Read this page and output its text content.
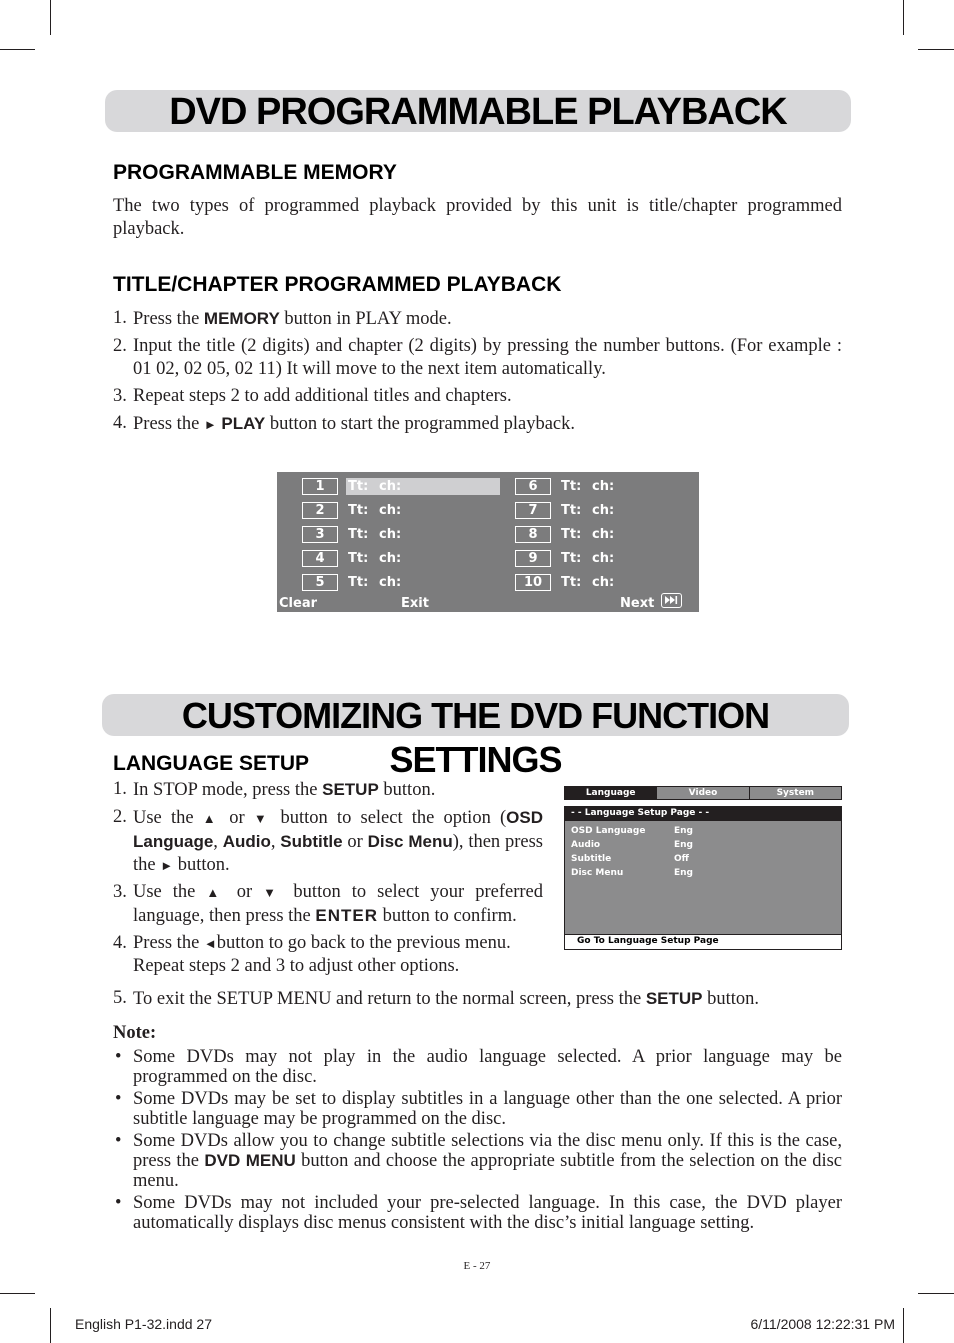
DVD PROGRAMMABLE PLAYBACK
PROGRAMMABLE MEMORY
The two types of programmed playback provided by this unit is title/chapter programmed playback.
TITLE/CHAPTER PROGRAMMED PLAYBACK
1. Press the MEMORY button in PLAY mode.
2. Input the title (2 digits) and chapter (2 digits) by pressing the number buttons. (For example : 01 02, 02 05, 02 11) It will move to the next item automatically.
3. Repeat steps 2 to add additional titles and chapters.
4. Press the ► PLAY button to start the programmed playback.
1	Tt: ch:
2	Tt: ch:
3	Tt: ch:
4	Tt: ch:
5	Tt: ch:
6	Tt: ch:
7	Tt: ch:
8	Tt: ch:
9	Tt: ch:
10	Tt: ch:
Clear	Exit	Next
CUSTOMIZING THE DVD FUNCTION SETTINGS
LANGUAGE SETUP
1. In STOP mode, press the SETUP button.
2. Use the ▲ or ▼ button to select the option (OSD Language, Audio, Subtitle or Disc Menu), then press the ► button.
3. Use the ▲ or ▼ button to select your preferred language, then press the ENTER button to confirm.
4. Press the ◄button to go back to the previous menu. Repeat steps 2 and 3 to adjust other options.
5. To exit the SETUP MENU and return to the normal screen, press the SETUP button.
Language	Video	System
- - Language Setup Page - -
OSD Language	Eng
Audio	Eng
Subtitle	Off
Disc Menu	Eng
Go To Language Setup Page
Note:
• Some DVDs may not play in the audio language selected. A prior language may be programmed on the disc.
• Some DVDs may be set to display subtitles in a language other than the one selected. A prior subtitle language may be programmed on the disc.
• Some DVDs allow you to change subtitle selections via the disc menu only. If this is the case, press the DVD MENU button and choose the appropriate subtitle from the selection on the disc menu.
• Some DVDs may not included your pre-selected language. In this case, the DVD player automatically displays disc menus consistent with the disc’s initial language setting.
E - 27
English P1-32.indd 27	6/11/2008 12:22:31 PM
